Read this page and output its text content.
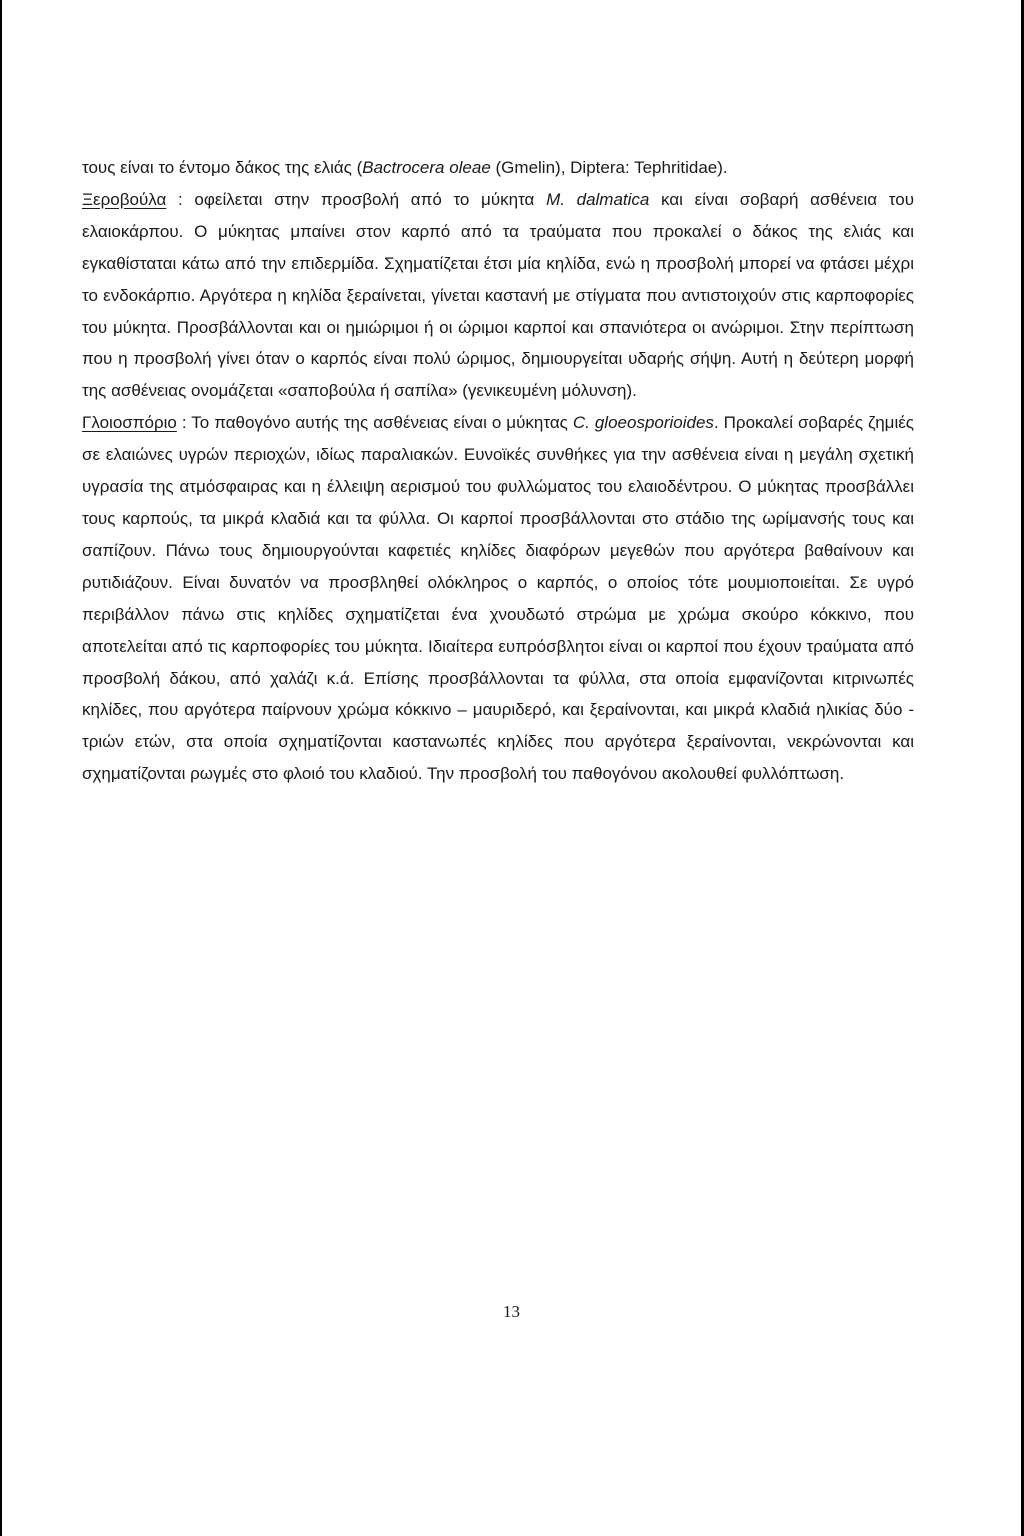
τους είναι το έντομο δάκος της ελιάς (Bactrocera oleae (Gmelin), Diptera: Tephritidae).

Ξεροβούλα : οφείλεται στην προσβολή από το μύκητα M. dalmatica και είναι σοβαρή ασθένεια του ελαιοκάρπου. Ο μύκητας μπαίνει στον καρπό από τα τραύματα που προκαλεί ο δάκος της ελιάς και εγκαθίσταται κάτω από την επιδερμίδα. Σχηματίζεται έτσι μία κηλίδα, ενώ η προσβολή μπορεί να φτάσει μέχρι το ενδοκάρπιο. Αργότερα η κηλίδα ξεραίνεται, γίνεται καστανή με στίγματα που αντιστοιχούν στις καρποφορίες του μύκητα. Προσβάλλονται και οι ημιώριμοι ή οι ώριμοι καρποί και σπανιότερα οι ανώριμοι. Στην περίπτωση που η προσβολή γίνει όταν ο καρπός είναι πολύ ώριμος, δημιουργείται υδαρής σήψη. Αυτή η δεύτερη μορφή της ασθένειας ονομάζεται «σαποβούλα ή σαπίλα» (γενικευμένη μόλυνση).

Γλοιοσπόριο : Το παθογόνο αυτής της ασθένειας είναι ο μύκητας C. gloeosporioides. Προκαλεί σοβαρές ζημιές σε ελαιώνες υγρών περιοχών, ιδίως παραλιακών. Ευνοϊκές συνθήκες για την ασθένεια είναι η μεγάλη σχετική υγρασία της ατμόσφαιρας και η έλλειψη αερισμού του φυλλώματος του ελαιοδέντρου. Ο μύκητας προσβάλλει τους καρπούς, τα μικρά κλαδιά και τα φύλλα. Οι καρποί προσβάλλονται στο στάδιο της ωρίμανσής τους και σαπίζουν. Πάνω τους δημιουργούνται καφετιές κηλίδες διαφόρων μεγεθών που αργότερα βαθαίνουν και ρυτιδιάζουν. Είναι δυνατόν να προσβληθεί ολόκληρος ο καρπός, ο οποίος τότε μουμιοποιείται. Σε υγρό περιβάλλον πάνω στις κηλίδες σχηματίζεται ένα χνουδωτό στρώμα με χρώμα σκούρο κόκκινο, που αποτελείται από τις καρποφορίες του μύκητα. Ιδιαίτερα ευπρόσβλητοι είναι οι καρποί που έχουν τραύματα από προσβολή δάκου, από χαλάζι κ.ά. Επίσης προσβάλλονται τα φύλλα, στα οποία εμφανίζονται κιτρινωπές κηλίδες, που αργότερα παίρνουν χρώμα κόκκινο – μαυριδερό, και ξεραίνονται, και μικρά κλαδιά ηλικίας δύο - τριών ετών, στα οποία σχηματίζονται καστανωπές κηλίδες που αργότερα ξεραίνονται, νεκρώνονται και σχηματίζονται ρωγμές στο φλοιό του κλαδιού. Την προσβολή του παθογόνου ακολουθεί φυλλόπτωση.

13
